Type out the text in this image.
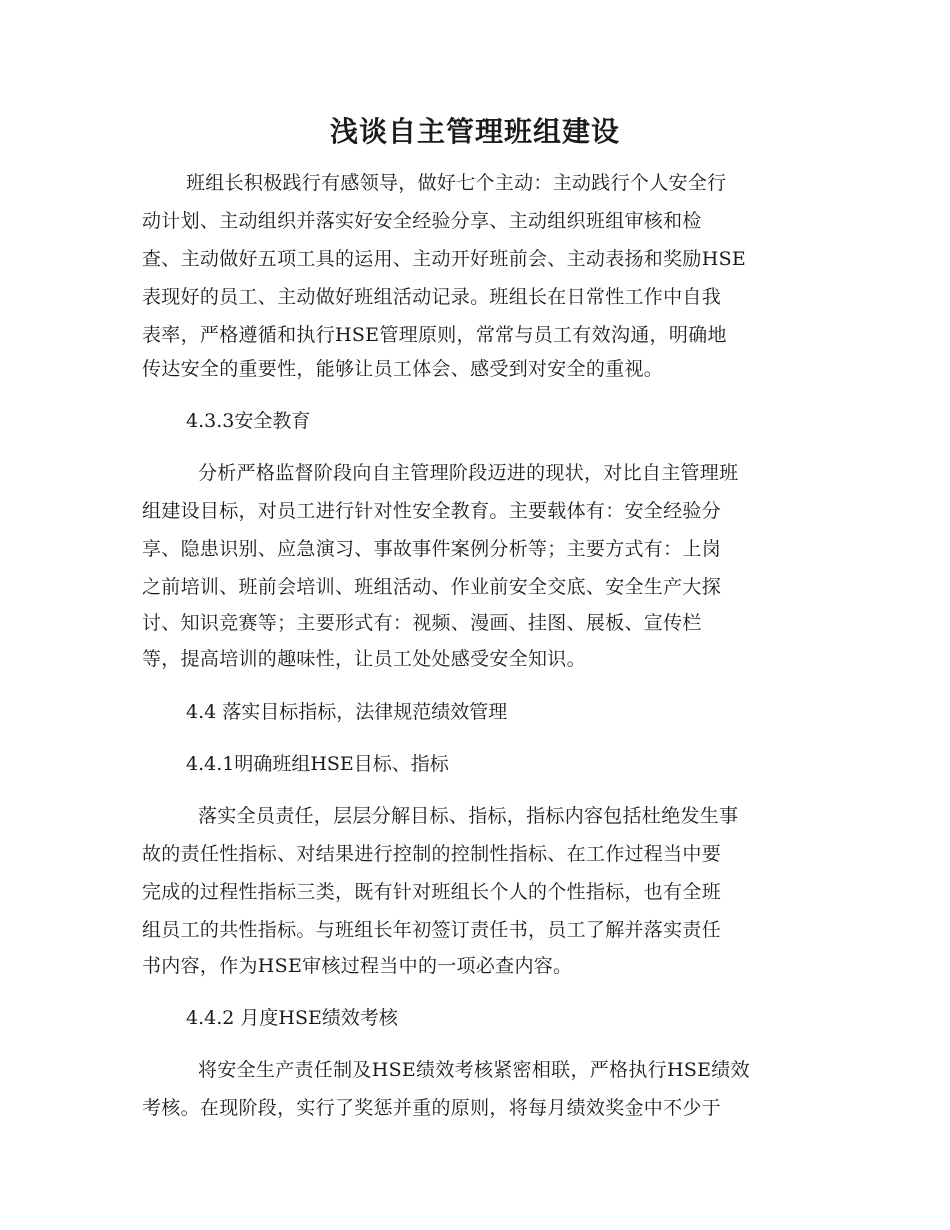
浅谈自主管理班组建设
班组长积极践行有感领导，做好七个主动：主动践行个人安全行
动计划、主动组织并落实好安全经验分享、主动组织班组审核和检
查、主动做好五项工具的运用、主动开好班前会、主动表扬和奖励HSE
表现好的员工、主动做好班组活动记录。班组长在日常性工作中自我
表率，严格遵循和执行HSE管理原则，常常与员工有效沟通，明确地
传达安全的重要性，能够让员工体会、感受到对安全的重视。
4.3.3安全教育
分析严格监督阶段向自主管理阶段迈进的现状，对比自主管理班
组建设目标，对员工进行针对性安全教育。主要载体有：安全经验分
享、隐患识别、应急演习、事故事件案例分析等；主要方式有：上岗
之前培训、班前会培训、班组活动、作业前安全交底、安全生产大探
讨、知识竞赛等；主要形式有：视频、漫画、挂图、展板、宣传栏
等，提高培训的趣味性，让员工处处感受安全知识。
4.4 落实目标指标，法律规范绩效管理
4.4.1明确班组HSE目标、指标
落实全员责任，层层分解目标、指标，指标内容包括杜绝发生事
故的责任性指标、对结果进行控制的控制性指标、在工作过程当中要
完成的过程性指标三类，既有针对班组长个人的个性指标，也有全班
组员工的共性指标。与班组长年初签订责任书，员工了解并落实责任
书内容，作为HSE审核过程当中的一项必查内容。
4.4.2 月度HSE绩效考核
将安全生产责任制及HSE绩效考核紧密相联，严格执行HSE绩效
考核。在现阶段，实行了奖惩并重的原则，将每月绩效奖金中不少于
